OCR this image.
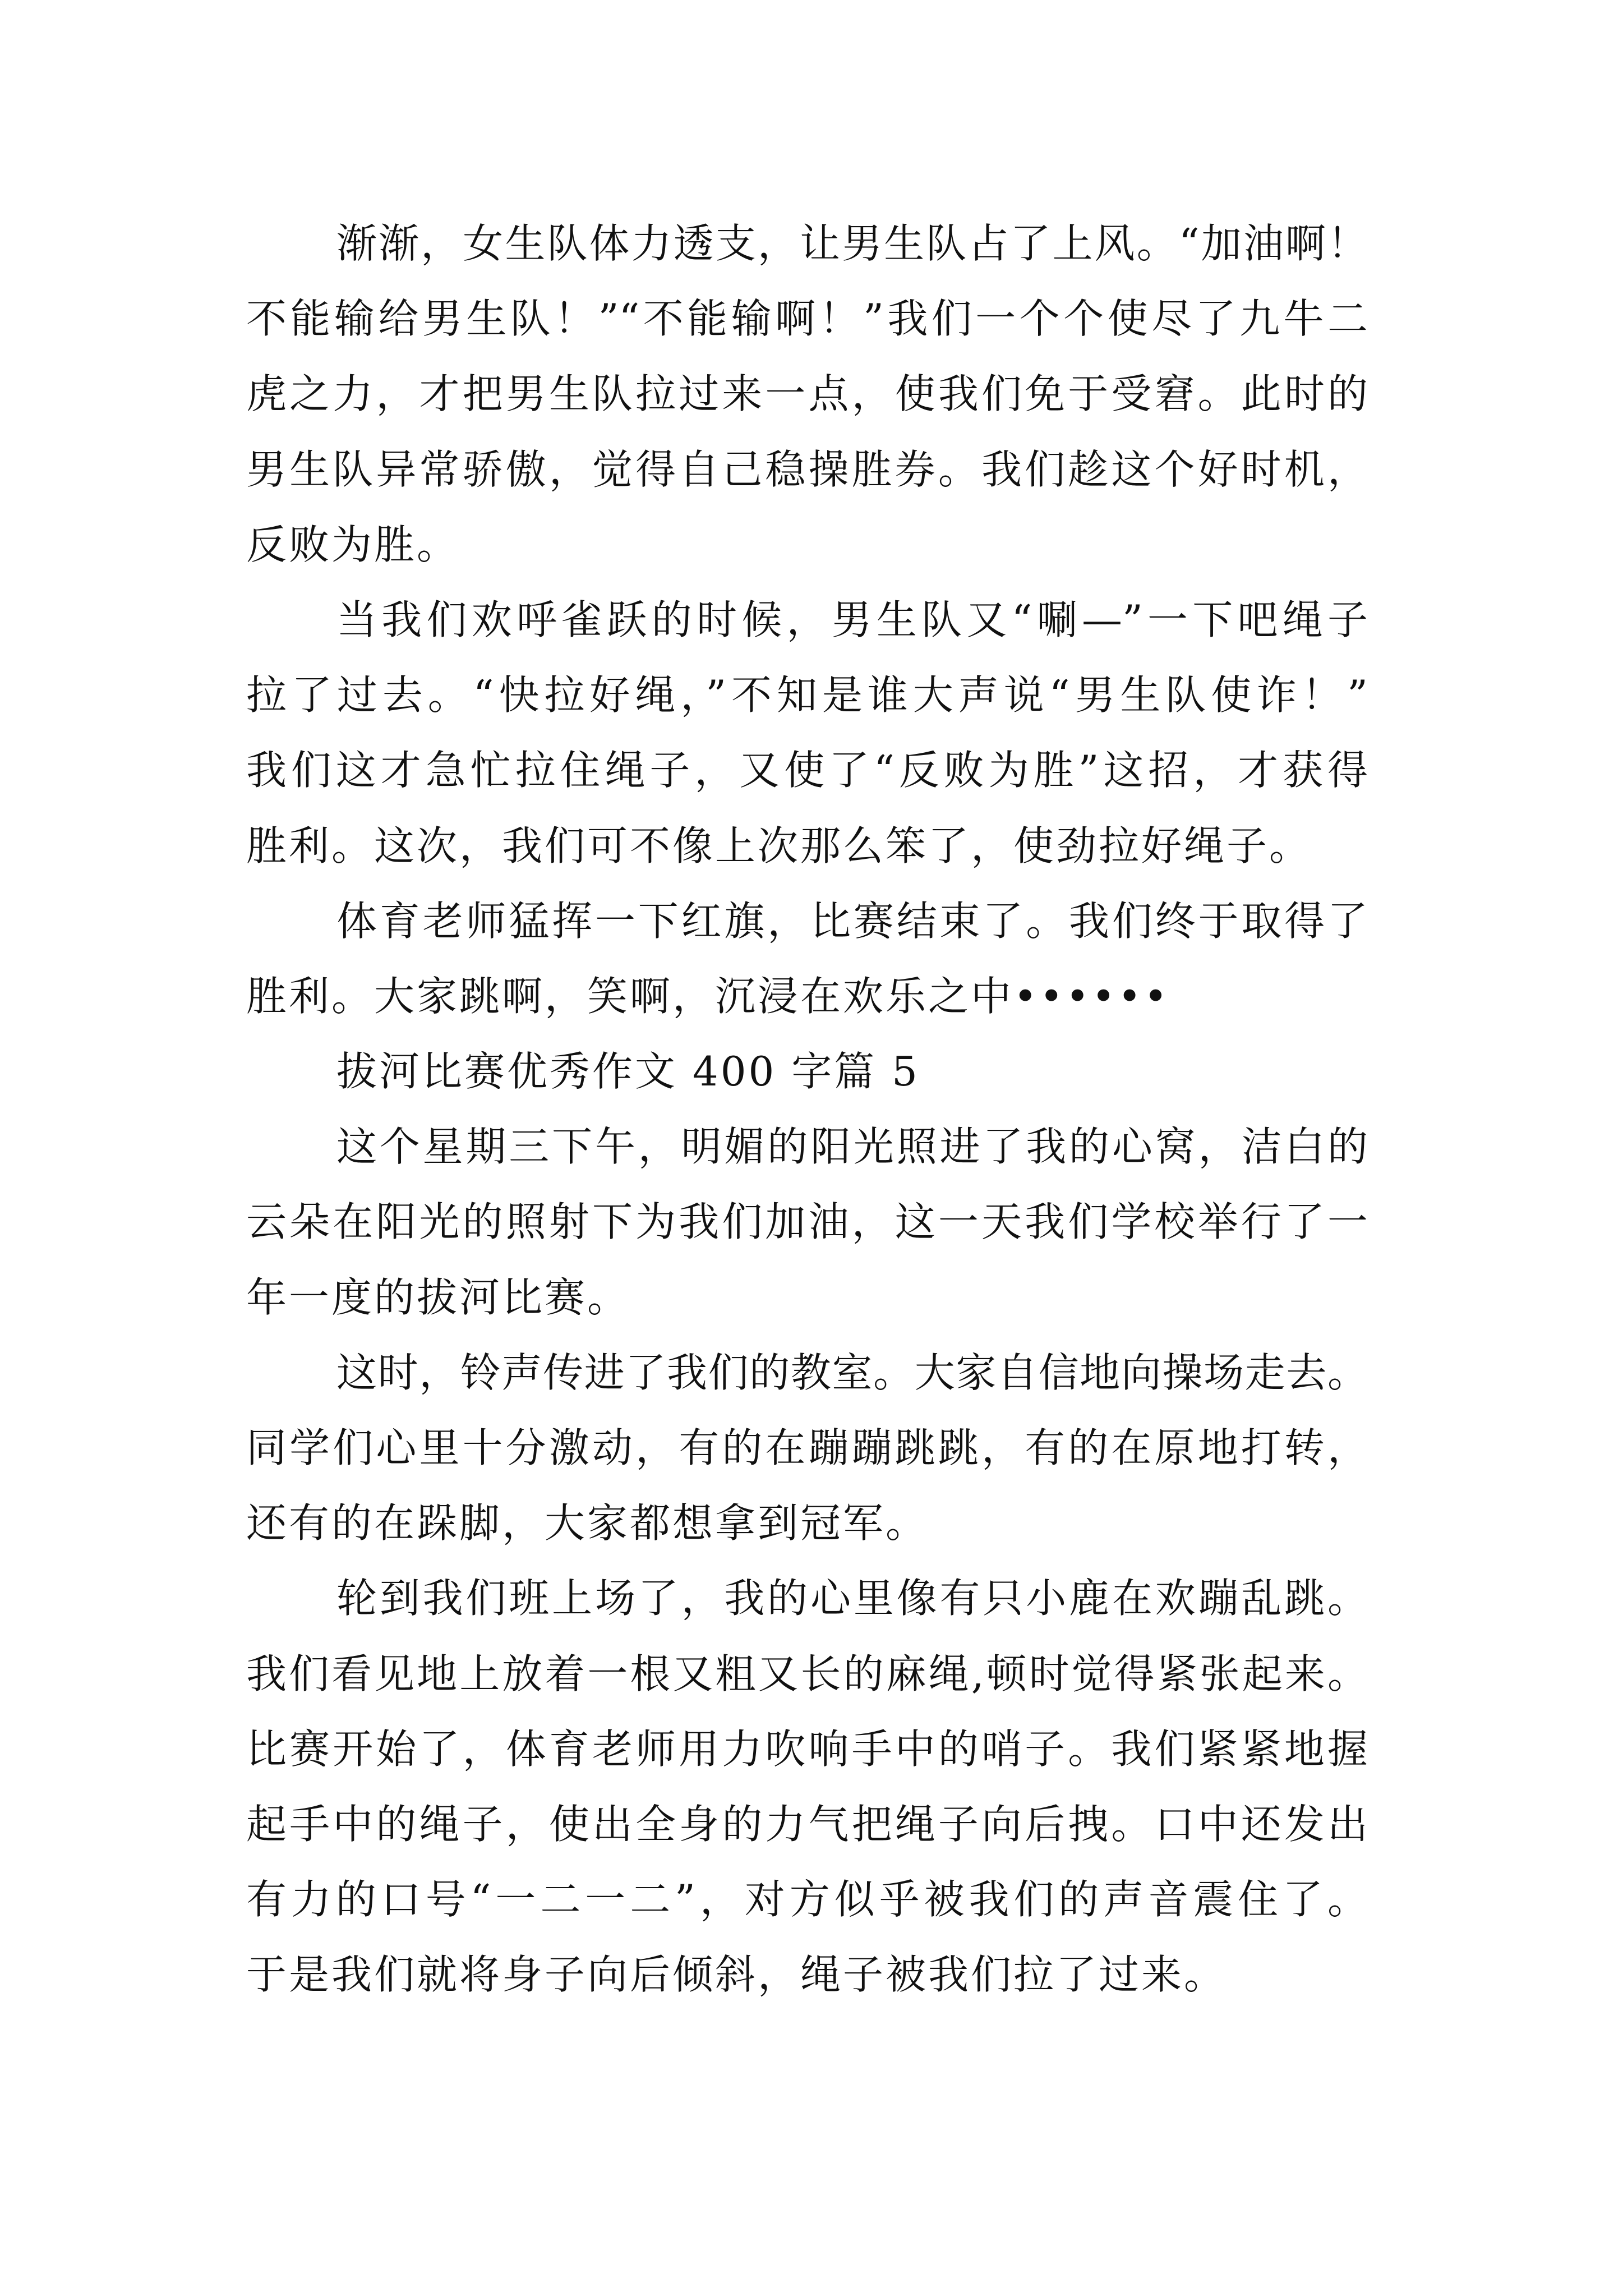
渐渐，女生队体力透支，让男生队占了上风。“加油啊！
不能输给男生队！”“不能输啊！”我们一个个使尽了九牛二
虎之力，才把男生队拉过来一点，使我们免于受窘。此时的
男生队异常骄傲，觉得自己稳操胜券。我们趁这个好时机，
反败为胜。
当我们欢呼雀跃的时候，男生队又“唰—”一下吧绳子
拉了过去。“快拉好绳，”不知是谁大声说“男生队使诈！”
我们这才急忙拉住绳子，又使了“反败为胜”这招，才获得
胜利。这次，我们可不像上次那么笨了，使劲拉好绳子。
体育老师猛挥一下红旗，比赛结束了。我们终于取得了
胜利。大家跳啊，笑啊，沉浸在欢乐之中••••••
拔河比赛优秀作文 400 字篇 5
这个星期三下午，明媚的阳光照进了我的心窝，洁白的
云朵在阳光的照射下为我们加油，这一天我们学校举行了一
年一度的拔河比赛。
这时，铃声传进了我们的教室。大家自信地向操场走去。
同学们心里十分激动，有的在蹦蹦跳跳，有的在原地打转，
还有的在跺脚，大家都想拿到冠军。
轮到我们班上场了，我的心里像有只小鹿在欢蹦乱跳。
我们看见地上放着一根又粗又长的麻绳,顿时觉得紧张起来。
比赛开始了，体育老师用力吹响手中的哨子。我们紧紧地握
起手中的绳子，使出全身的力气把绳子向后拽。口中还发出
有力的口号“一二一二”，对方似乎被我们的声音震住了。
于是我们就将身子向后倾斜，绳子被我们拉了过来。
